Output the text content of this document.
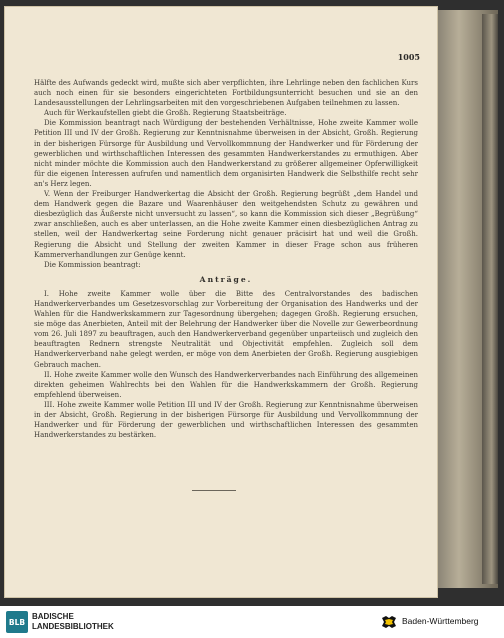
1005

Hälfte des Aufwands gedeckt wird, mußte sich aber verpflichten, ihre Lehrlinge neben den fachlichen Kurs auch noch einen für sie besonders eingerichteten Fortbildungsunterricht besuchen und sie an den Landesausstellungen der Lehrlingsarbeiten mit den vorgeschriebenen Aufgaben teilnehmen zu lassen.

Auch für Werkaufstellen giebt die Großh. Regierung Staatsbeiträge.

Die Kommission beantragt nach Würdigung der bestehenden Verhältnisse, Hohe zweite Kammer wolle Petition III und IV der Großh. Regierung zur Kenntnisnahme überweisen in der Absicht, Großh. Regierung in der bisherigen Fürsorge für Ausbildung und Vervollkommnung der Handwerker und für Förderung der gewerblichen und wirthschaftlichen Interessen des gesammten Handwerkerstandes zu ermuthigen. Aber nicht minder möchte die Kommission auch den Handwerkerstand zu größerer allgemeiner Opferwilligkeit für die eigenen Interessen aufrufen und namentlich dem organisirten Handwerk die Selbsthilfe recht sehr an's Herz legen.

V. Wenn der Freiburger Handwerkertag die Absicht der Großh. Regierung begrüßt „dem Handel und dem Handwerk gegen die Bazare und Waarenhäuser den weitgehendsten Schutz zu gewähren und diesbezüglich das Äußerste nicht unversucht zu lassen“, so kann die Kommission sich dieser „Begrüßung“ zwar anschließen, auch es aber unterlassen, an die Hohe zweite Kammer einen diesbezüglichen Antrag zu stellen, weil der Handwerkertag seine Forderung nicht genauer präcisirt hat und weil die Großh. Regierung die Absicht und Stellung der zweiten Kammer in dieser Frage schon aus früheren Kammerverhandlungen zur Genüge kennt.

Die Kommission beantragt:

Anträge.

I. Hohe zweite Kammer wolle über die Bitte des Centralvorstandes des badischen Handwerkerverbandes um Gesetzesvorschlag zur Vorbereitung der Organisation des Handwerks und der Wahlen für die Handwerkskammern zur Tagesordnung übergehen; dagegen Großh. Regierung ersuchen, sie möge das Anerbieten, Anteil mit der Belehrung der Handwerker über die Novelle zur Gewerbeordnung vom 26. Juli 1897 zu beauftragen, auch den Handwerkerverband gegenüber unparteiisch und zugleich den beauftragten Rednern strengste Neutralität und Objectivität empfehlen. Zugleich soll dem Handwerkerverband nahe gelegt werden, er möge von dem Anerbieten der Großh. Regierung ausgiebigen Gebrauch machen.

II. Hohe zweite Kammer wolle den Wunsch des Handwerkerverbandes nach Einführung des allgemeinen direkten geheimen Wahlrechts bei den Wahlen für die Handwerkskammern der Großh. Regierung empfehlend überweisen.

III. Hohe zweite Kammer wolle Petition III und IV der Großh. Regierung zur Kenntnisnahme überweisen in der Absicht, Großh. Regierung in der bisherigen Fürsorge für Ausbildung und Vervollkommnung der Handwerker und für Förderung der gewerblichen und wirthschaftlichen Interessen des gesammten Handwerkerstandes zu bestärken.

BLB
BADISCHE
LANDESBIBLIOTHEK
Baden-Württemberg
